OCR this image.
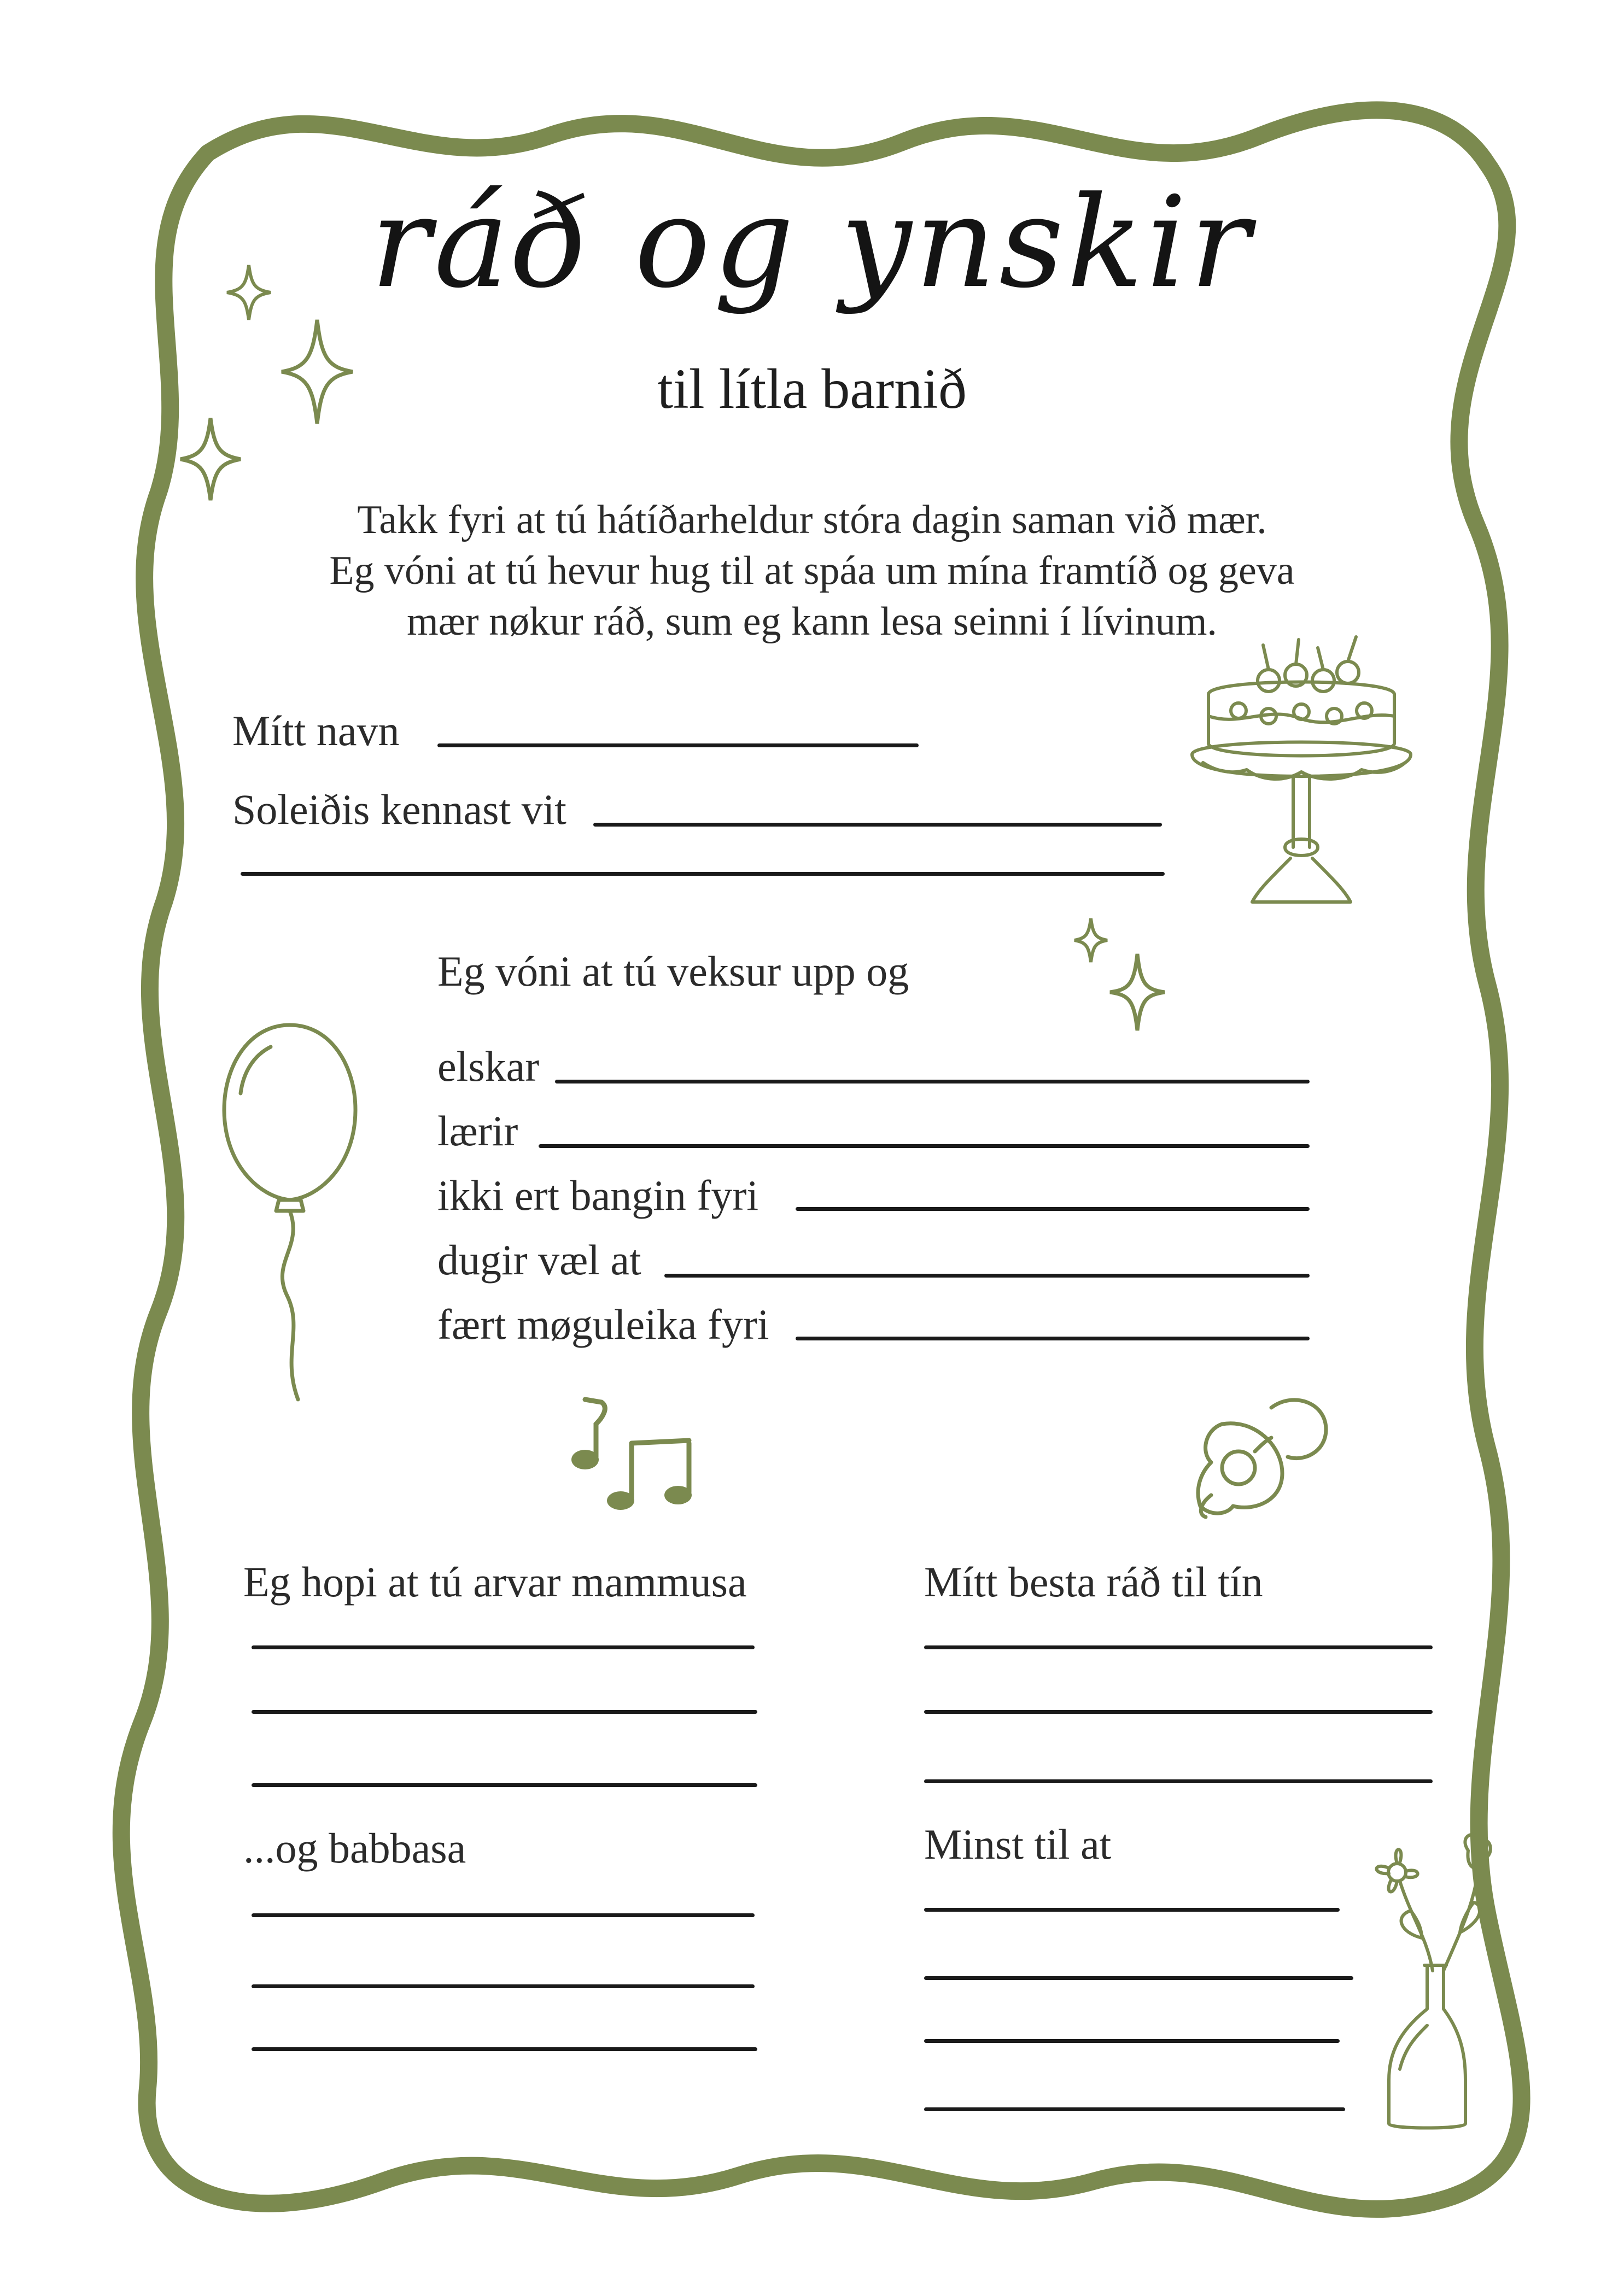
ráð og ynskir
til lítla barnið
Takk fyri at tú hátíðarheldur stóra dagin saman við mær.
Eg vóni at tú hevur hug til at spáa um mína framtíð og geva
mær nøkur ráð, sum eg kann lesa seinni í lívinum.
Mítt navn
Soleiðis kennast vit
Eg vóni at tú veksur upp og
elskar
lærir
ikki ert bangin fyri
dugir væl at
fært møguleika fyri
Eg hopi at tú arvar mammusa
...og babbasa
Mítt besta ráð til tín
Minst til at
